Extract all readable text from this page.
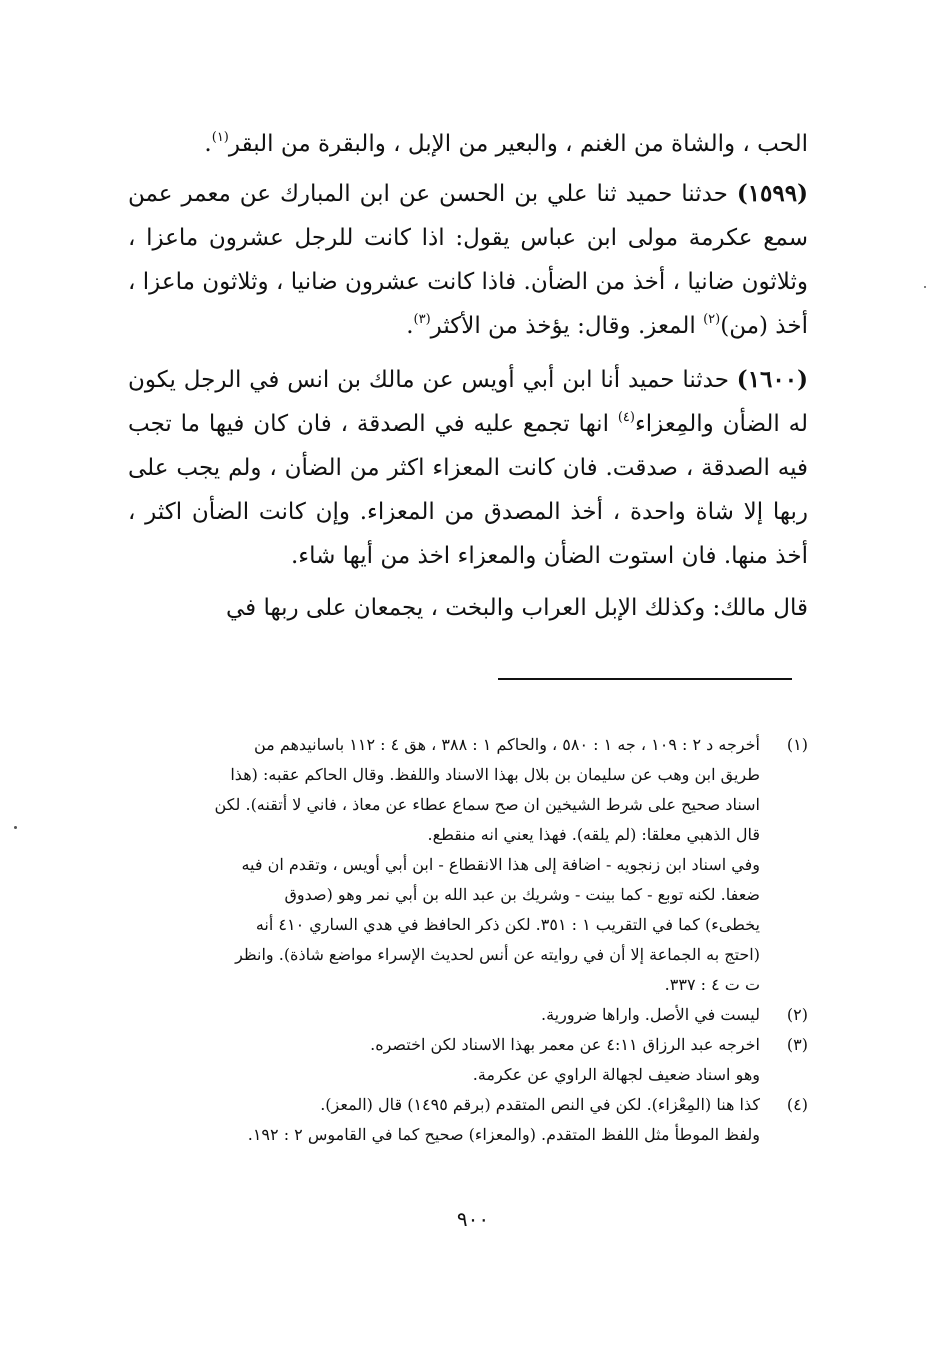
الحب ، والشاة من الغنم ، والبعير من الإبل ، والبقرة من البقر$^{(١)}$.

(١٥٩٩) حدثنا حميد ثنا علي بن الحسن عن ابن المبارك عن معمر عمن سمع عكرمة مولى ابن عباس يقول: اذا كانت للرجل عشرون ماعزا ، وثلاثون ضانيا ، أخذ من الضأن. فاذا كانت عشرون ضانيا ، وثلاثون ماعزا ، أخذ (من)$^{(٢)}$ المعز. وقال: يؤخذ من الأكثر$^{(٣)}$.

(١٦٠٠) حدثنا حميد أنا ابن أبي أويس عن مالك بن انس في الرجل يكون له الضأن والمِعزاء$^{(٤)}$ انها تجمع عليه في الصدقة ، فان كان فيها ما تجب فيه الصدقة ، صدقت. فان كانت المعزاء اكثر من الضأن ، ولم يجب على ربها إلا شاة واحدة ، أخذ المصدق من المعزاء. وإن كانت الضأن اكثر ، أخذ منها. فان استوت الضأن والمعزاء اخذ من أيها شاء.

قال مالك: وكذلك الإبل العراب والبخت ، يجمعان على ربها في

(١)
أخرجه د ٢ : ١٠٩ ، جه ١ : ٥٨٠ ، والحاكم ١ : ٣٨٨ ، هق ٤ : ١١٢ باسانيدهم من
طريق ابن وهب عن سليمان بن بلال بهذا الاسناد واللفظ. وقال الحاكم عقبه: (هذا
اسناد صحيح على شرط الشيخين ان صح سماع عطاء عن معاذ ، فاني لا أتقنه). لكن
قال الذهبي معلقا: (لم يلقه). فهذا يعني انه منقطع.
وفي اسناد ابن زنجويه - اضافة إلى هذا الانقطاع - ابن أبي أويس ، وتقدم ان فيه
ضعفا. لكنه توبع - كما بينت - وشريك بن عبد الله بن أبي نمر وهو (صدوق
يخطىء) كما في التقريب ١ : ٣٥١. لكن ذكر الحافظ في هدي الساري ٤١٠ أنه
(احتج به الجماعة إلا أن في روايته عن أنس لحديث الإسراء مواضع شاذة). وانظر
ت ت ٤ : ٣٣٧.
(٢)
ليست في الأصل. واراها ضرورية.
(٣)
اخرجه عبد الرزاق ٤:١١ عن معمر بهذا الاسناد لكن اختصره.
وهو اسناد ضعيف لجهالة الراوي عن عكرمة.
(٤)
كذا هنا (المِعْزاء). لكن في النص المتقدم (برقم ١٤٩٥) قال (المعز).
ولفظ الموطأ مثل اللفظ المتقدم. (والمعزاء) صحيح كما في القاموس ٢ : ١٩٢.
٩٠٠
